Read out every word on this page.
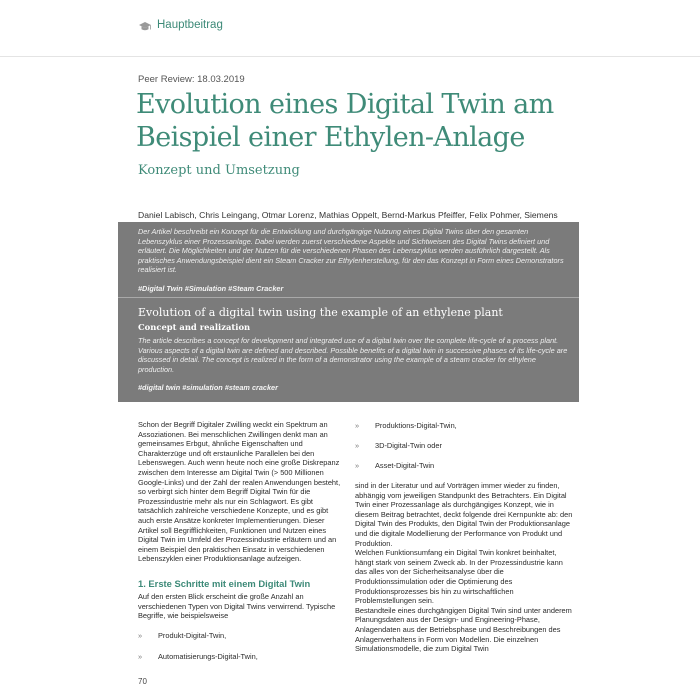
Hauptbeitrag
Peer Review: 18.03.2019
Evolution eines Digital Twin am Beispiel einer Ethylen-Anlage
Konzept und Umsetzung
Daniel Labisch, Chris Leingang, Otmar Lorenz, Mathias Oppelt, Bernd-Markus Pfeiffer, Felix Pohmer, Siemens

Der Artikel beschreibt ein Konzept für die Entwicklung und durchgängige Nutzung eines Digital Twins über den gesamten Lebenszyklus einer Prozessanlage. Dabei werden zuerst verschiedene Aspekte und Sichtweisen des Digital Twins definiert und erläutert. Die Möglichkeiten und der Nutzen für die verschiedenen Phasen des Lebenszyklus werden ausführlich dargestellt. Als praktisches Anwendungsbeispiel dient ein Steam Cracker zur Ethylenherstellung, für den das Konzept in Form eines Demonstrators realisiert ist.

#Digital Twin #Simulation #Steam Cracker
Evolution of a digital twin using the example of an ethylene plant
Concept and realization

The article describes a concept for development and integrated use of a digital twin over the complete life-cycle of a process plant. Various aspects of a digital twin are defined and described. Possible benefits of a digital twin in successive phases of its life-cycle are discussed in detail. The concept is realized in the form of a demonstrator using the example of a steam cracker for ethylene production.

#digital twin #simulation #steam cracker

Schon der Begriff Digitaler Zwilling weckt ein Spektrum an Assoziationen. Bei menschlichen Zwillingen denkt man an gemeinsames Erbgut, ähnliche Eigenschaften und Charakterzüge und oft erstaunliche Parallelen bei den Lebenswegen. Auch wenn heute noch eine große Diskrepanz zwischen dem Interesse am Digital Twin (> 500 Millionen Google-Links) und der Zahl der realen Anwendungen besteht, so verbirgt sich hinter dem Begriff Digital Twin für die Prozessindustrie mehr als nur ein Schlagwort. Es gibt tatsächlich zahlreiche verschiedene Konzepte, und es gibt auch erste Ansätze konkreter Implementierungen. Dieser Artikel soll Begrifflichkeiten, Funktionen und Nutzen eines Digital Twin im Umfeld der Prozessindustrie erläutern und an einem Beispiel den praktischen Einsatz in verschiedenen Lebenszyklen einer Produktionsanlage aufzeigen.

1. Erste Schritte mit einem Digital Twin

Auf den ersten Blick erscheint die große Anzahl an verschiedenen Typen von Digital Twins verwirrend. Typische Begriffe, wie beispielsweise

» Produkt-Digital-Twin,
» Automatisierungs-Digital-Twin,
» Produktions-Digital-Twin,
» 3D-Digital-Twin oder
» Asset-Digital-Twin
sind in der Literatur und auf Vorträgen immer wieder zu finden, abhängig vom jeweiligen Standpunkt des Betrachters. Ein Digital Twin einer Prozessanlage als durchgängiges Konzept, wie in diesem Beitrag betrachtet, deckt folgende drei Kernpunkte ab: den Digital Twin des Produkts, den Digital Twin der Produktionsanlage und die digitale Modellierung der Performance von Produkt und Produktion.
Welchen Funktionsumfang ein Digital Twin konkret beinhaltet, hängt stark von seinem Zweck ab. In der Prozessindustrie kann das alles von der Sicherheitsanalyse über die Produktionssimulation oder die Optimierung des Produktionsprozesses bis hin zu wirtschaftlichen Problemstellungen sein.
Bestandteile eines durchgängigen Digital Twin sind unter anderem Planungsdaten aus der Design- und Engineering-Phase, Anlagendaten aus der Betriebsphase und Beschreibungen des Anlagenverhaltens in Form von Modellen. Die einzelnen Simulationsmodelle, die zum Digital Twin
70
